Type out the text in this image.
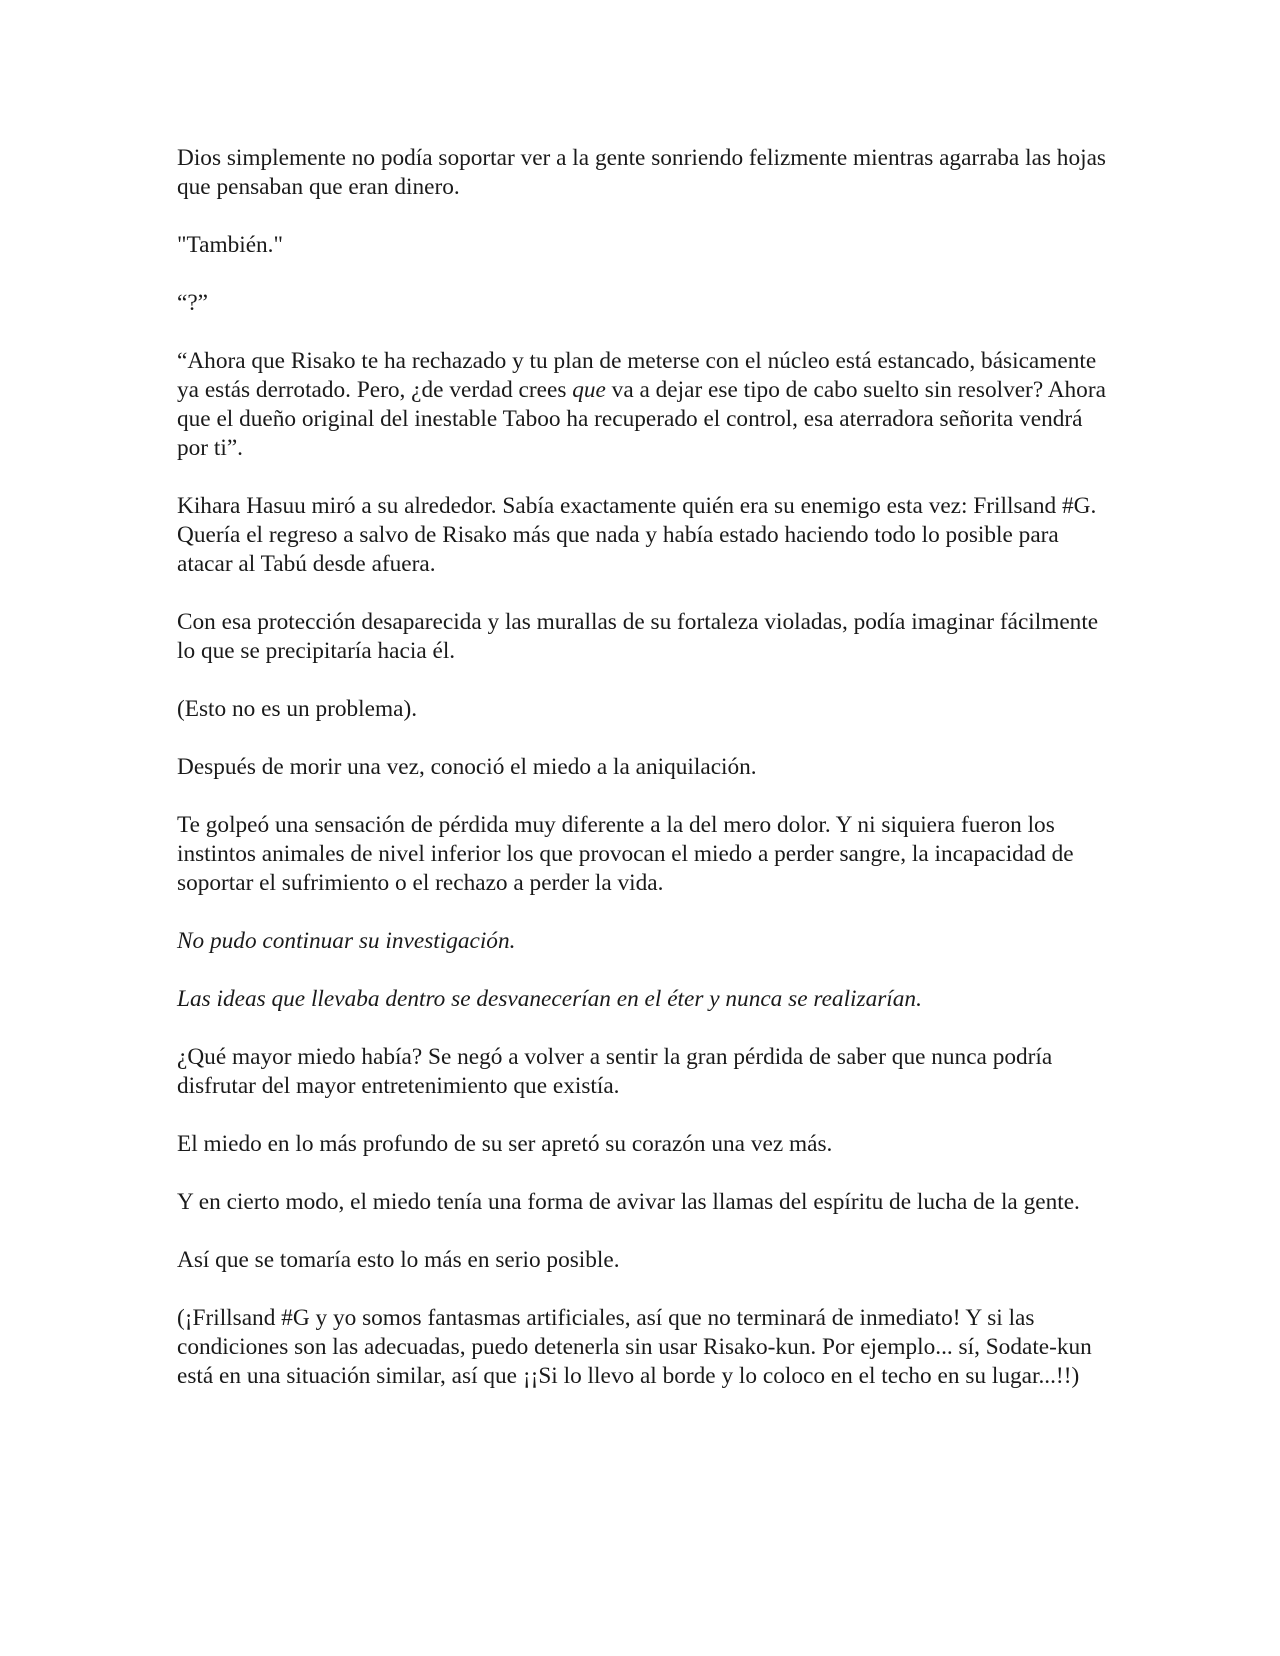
Dios simplemente no podía soportar ver a la gente sonriendo felizmente mientras agarraba las hojas que pensaban que eran dinero.

"También."

“?”

“Ahora que Risako te ha rechazado y tu plan de meterse con el núcleo está estancado, básicamente ya estás derrotado. Pero, ¿de verdad crees que va a dejar ese tipo de cabo suelto sin resolver? Ahora que el dueño original del inestable Taboo ha recuperado el control, esa aterradora señorita vendrá por ti”.

Kihara Hasuu miró a su alrededor. Sabía exactamente quién era su enemigo esta vez: Frillsand #G. Quería el regreso a salvo de Risako más que nada y había estado haciendo todo lo posible para atacar al Tabú desde afuera.

Con esa protección desaparecida y las murallas de su fortaleza violadas, podía imaginar fácilmente lo que se precipitaría hacia él.

(Esto no es un problema).

Después de morir una vez, conoció el miedo a la aniquilación.

Te golpeó una sensación de pérdida muy diferente a la del mero dolor. Y ni siquiera fueron los instintos animales de nivel inferior los que provocan el miedo a perder sangre, la incapacidad de soportar el sufrimiento o el rechazo a perder la vida.

No pudo continuar su investigación.

Las ideas que llevaba dentro se desvanecerían en el éter y nunca se realizarían.

¿Qué mayor miedo había? Se negó a volver a sentir la gran pérdida de saber que nunca podría disfrutar del mayor entretenimiento que existía.

El miedo en lo más profundo de su ser apretó su corazón una vez más.

Y en cierto modo, el miedo tenía una forma de avivar las llamas del espíritu de lucha de la gente.

Así que se tomaría esto lo más en serio posible.

(¡Frillsand #G y yo somos fantasmas artificiales, así que no terminará de inmediato! Y si las condiciones son las adecuadas, puedo detenerla sin usar Risako-kun. Por ejemplo... sí, Sodate-kun está en una situación similar, así que ¡¡Si lo llevo al borde y lo coloco en el techo en su lugar...!!)
